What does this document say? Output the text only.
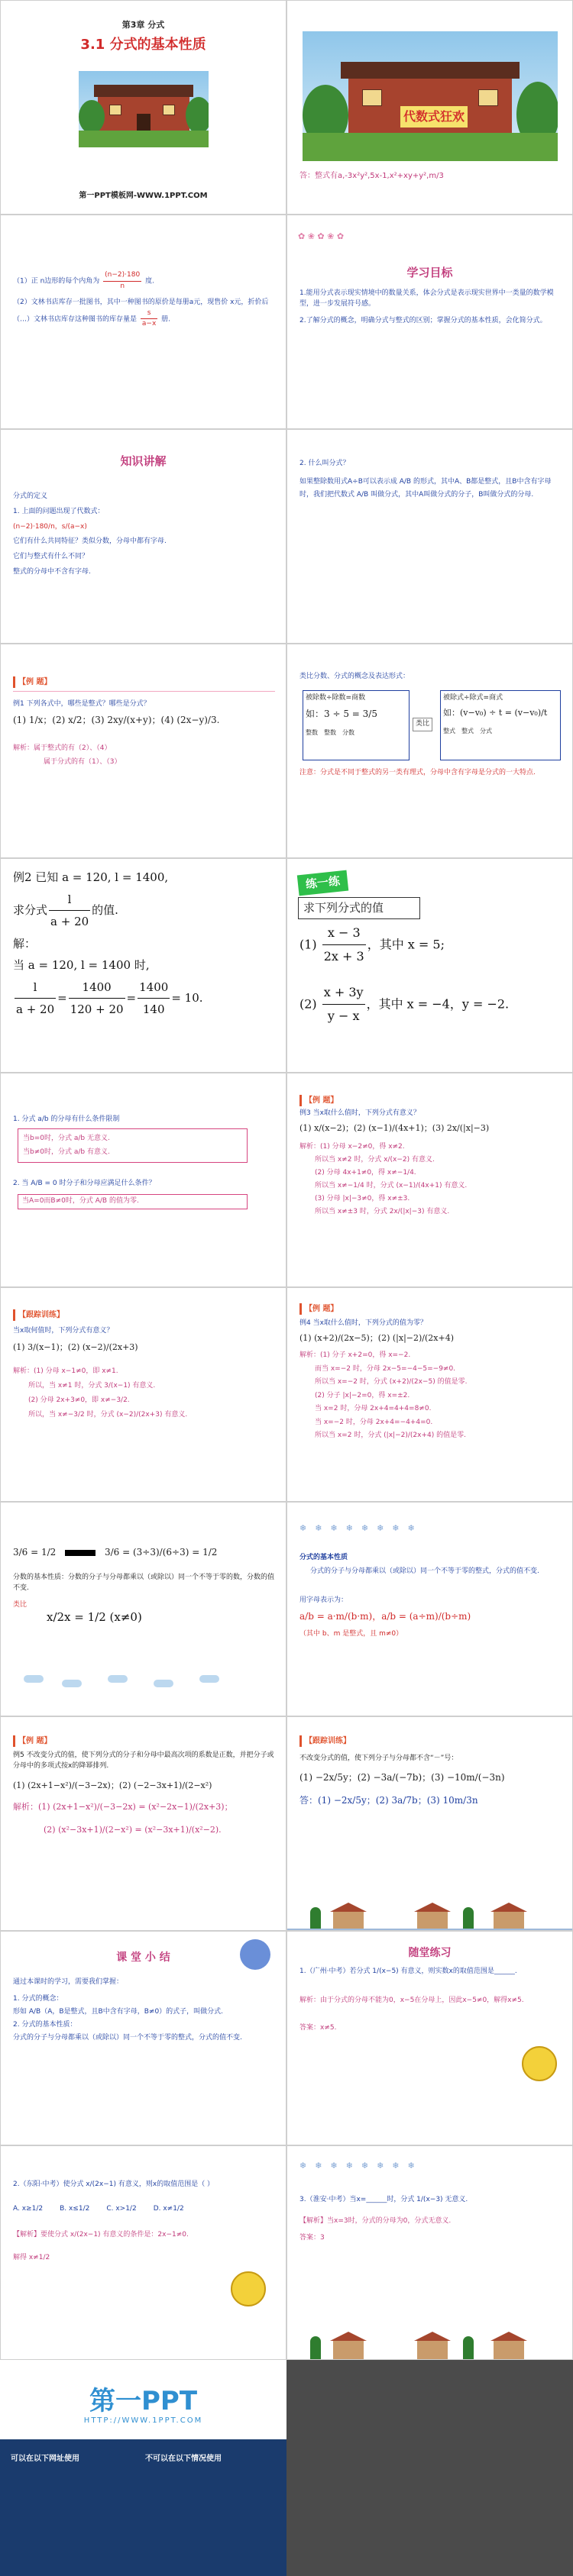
第3章 分式
3.1 分式的基本性质
第一PPT模板网-WWW.1PPT.COM
代数式狂欢
答：整式有a,-3x²y²,5x-1,x²+xy+y²,m/3
（1）正 n边形的每个内角为 $\frac{(n-2)\cdot 180}{n}$ 度.
（2）文林书店库存一批图书，其中一种图书的原价是每册a元，现售价 x元，折价后（…）文林书店库存这种图书的库存量是 $\frac{s}{a-x}$ 册.
✿ ❀ ✿ ❀ ✿
学习目标
1.能用分式表示现实情境中的数量关系，体会分式是表示现实世界中一类量的数学模型，进一步发展符号感。
2.了解分式的概念，明确分式与整式的区别；掌握分式的基本性质，会化简分式。
知识讲解
分式的定义
1. 上面的问题出现了代数式：
(n−2)·180/n，s/(a−x)
它们有什么共同特征？类似分数，分母中都有字母.
它们与整式有什么不同？
整式的分母中不含有字母.
2. 什么叫分式？
如果整除数用式A÷B可以表示成 A/B 的形式，其中A、B都是整式，且B中含有字母时，我们把代数式 A/B 叫做分式，其中A叫做分式的分子，B叫做分式的分母.
【例 题】
例1 下列各式中，哪些是整式？哪些是分式？
(1) 1/x；(2) x/2；(3) 2xy/(x+y)；(4) (2x−y)/3.
解析：属于整式的有（2）、（4）
属于分式的有（1）、（3）
类比分数、分式的概念及表达形式：
被除数÷除数=商数
如：3 ÷ 5 = 3/5
整数　 整数　 分数
类比
被除式÷除式=商式
如：(v−v₀) ÷ t = (v−v₀)/t
整式　 整式　 分式
注意：分式是不同于整式的另一类有理式，分母中含有字母是分式的一大特点.
例2 已知 a = 120, l = 1400,
求分式 $\frac{l}{a + 20}$ 的值.
解：
当 a = 120, l = 1400 时,
$\frac{l}{a + 20} = \frac{1400}{120 + 20} = \frac{1400}{140} = 10$.
练一练
求下列分式的值
$(1) \frac{x - 3}{2x + 3}$ ，其中 x = 5;
$(2) \frac{x + 3y}{y - x}$ ，其中 x = −4，y = −2.
1. 分式 a/b 的分母有什么条件限制
当b=0时，分式 a/b 无意义.
当b≠0时，分式 a/b 有意义.
2. 当 A/B = 0 时分子和分母应满足什么条件？
当A=0而B≠0时，分式 A/B 的值为零.
【例 题】
例3 当x取什么值时，下列分式有意义？
(1) x/(x−2)；(2) (x−1)/(4x+1)；(3) 2x/(|x|−3)
解析：(1) 分母 x−2≠0，得 x≠2.
所以当 x≠2 时，分式 x/(x−2) 有意义.
(2) 分母 4x+1≠0，得 x≠−1/4.
所以当 x≠−1/4 时，分式 (x−1)/(4x+1) 有意义.
(3) 分母 |x|−3≠0，得 x≠±3.
所以当 x≠±3 时，分式 2x/(|x|−3) 有意义.
【跟踪训练】
当x取何值时，下列分式有意义？
(1) 3/(x−1)；(2) (x−2)/(2x+3)
解析：(1) 分母 x−1≠0，即 x≠1.
所以，当 x≠1 时，分式 3/(x−1) 有意义.
(2) 分母 2x+3≠0，即 x≠−3/2.
所以，当 x≠−3/2 时，分式 (x−2)/(2x+3) 有意义.
【例 题】
例4 当x取什么值时，下列分式的值为零？
(1) (x+2)/(2x−5)；(2) (|x|−2)/(2x+4)
解析：(1) 分子 x+2=0，得 x=−2.
而当 x=−2 时，分母 2x−5=−4−5=−9≠0.
所以当 x=−2 时，分式 (x+2)/(2x−5) 的值是零.
(2) 分子 |x|−2=0，得 x=±2.
当 x=2 时，分母 2x+4=4+4=8≠0.
当 x=−2 时，分母 2x+4=−4+4=0.
所以当 x=2 时，分式 (|x|−2)/(2x+4) 的值是零.
3/6 = 1/2	3/6 = (3÷3)/(6÷3) = 1/2
分数的基本性质：分数的分子与分母都乘以（或除以）同一个不等于零的数，分数的值不变.
类比
x/2x = 1/2 (x≠0)
❄　❄　❄　❄　❄　❄　❄　❄
分式的基本性质
分式的分子与分母都乘以（或除以）同一个不等于零的整式，分式的值不变.
用字母表示为：
a/b = a·m/(b·m)，a/b = (a÷m)/(b÷m)
（其中 b、m 是整式，且 m≠0）
【例 题】
例5 不改变分式的值，使下列分式的分子和分母中最高次项的系数是正数，并把分子或分母中的多项式按x的降幂排列.
(1) (2x+1−x²)/(−3−2x)；(2) (−2−3x+1)/(2−x²)
解析：(1) (2x+1−x²)/(−3−2x) = (x²−2x−1)/(2x+3)；
(2) (x²−3x+1)/(2−x²) = (x²−3x+1)/(x²−2).
【跟踪训练】
不改变分式的值，使下列分子与分母都不含“－”号：
(1) −2x/5y；(2) −3a/(−7b)；(3) −10m/(−3n)
答：(1) −2x/5y；(2) 3a/7b；(3) 10m/3n
课 堂 小 结
通过本课时的学习，需要我们掌握：
1. 分式的概念：
形如 A/B（A，B是整式，且B中含有字母，B≠0）的式子，叫做分式.
2. 分式的基本性质：
分式的分子与分母都乘以（或除以）同一个不等于零的整式，分式的值不变.
随堂练习
1.（广州·中考）若分式 1/(x−5) 有意义，则实数x的取值范围是______.
解析：由于分式的分母不能为0，x−5在分母上，因此x−5≠0，解得x≠5.
答案：x≠5.
2.（东阳·中考）使分式 x/(2x−1) 有意义，则x的取值范围是（ ）
A. x≥1/2 B. x≤1/2 C. x>1/2 D. x≠1/2
【解析】要使分式 x/(2x−1) 有意义的条件是：2x−1≠0.
解得 x≠1/2
❄　❄　❄　❄　❄　❄　❄　❄
3.（淮安·中考）当x=______时，分式 1/(x−3) 无意义.
【解析】当x=3时，分式的分母为0，分式无意义.
答案：3
第一PPT
HTTP://WWW.1PPT.COM
可以在以下网址使用	不可以在以下情况使用
